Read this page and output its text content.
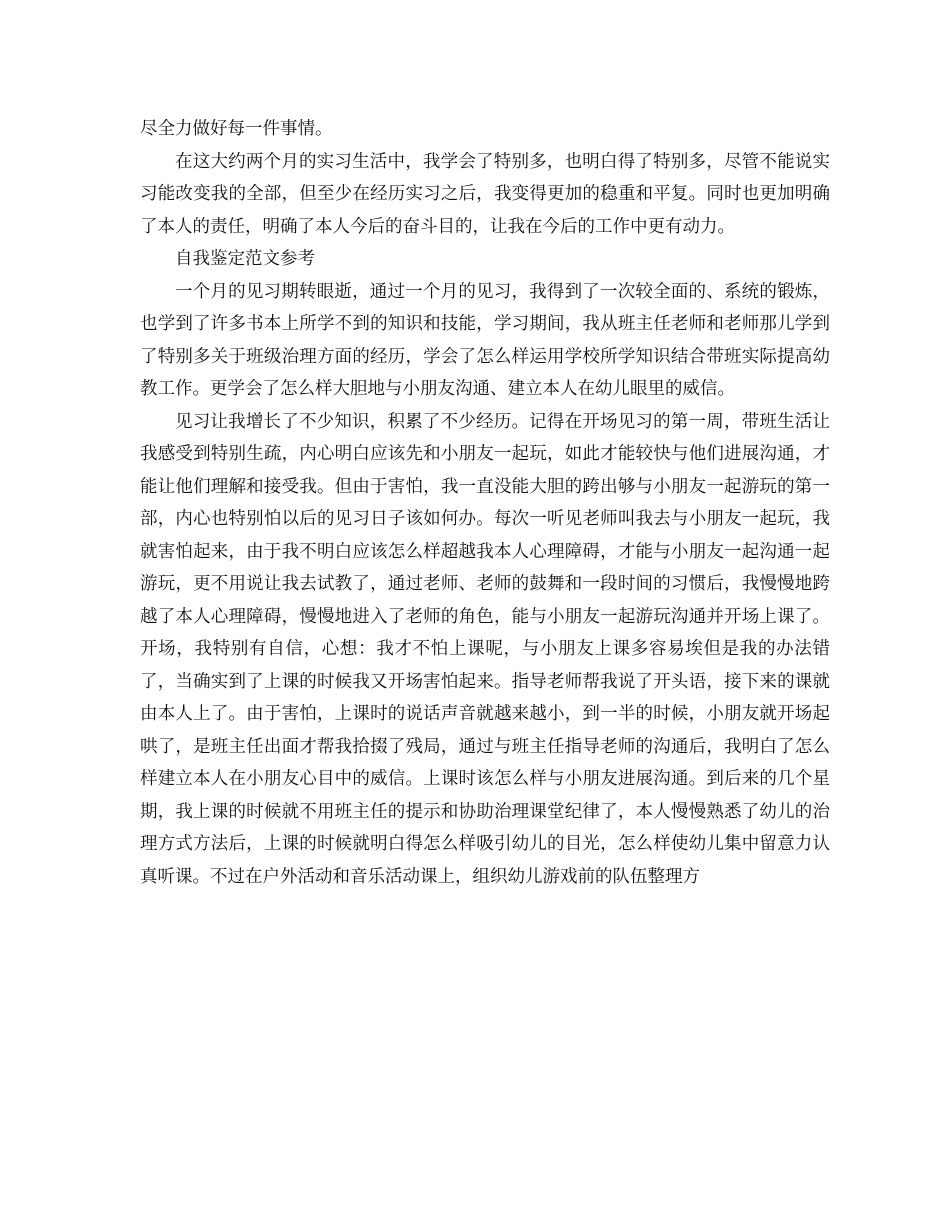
尽全力做好每一件事情。

在这大约两个月的实习生活中，我学会了特别多，也明白得了特别多，尽管不能说实习能改变我的全部，但至少在经历实习之后，我变得更加的稳重和平复。同时也更加明确了本人的责任，明确了本人今后的奋斗目的，让我在今后的工作中更有动力。

自我鉴定范文参考

一个月的见习期转眼逝，通过一个月的见习，我得到了一次较全面的、系统的锻炼，也学到了许多书本上所学不到的知识和技能，学习期间，我从班主任老师和老师那儿学到了特别多关于班级治理方面的经历，学会了怎么样运用学校所学知识结合带班实际提高幼教工作。更学会了怎么样大胆地与小朋友沟通、建立本人在幼儿眼里的威信。

见习让我增长了不少知识，积累了不少经历。记得在开场见习的第一周，带班生活让我感受到特别生疏，内心明白应该先和小朋友一起玩，如此才能较快与他们进展沟通，才能让他们理解和接受我。但由于害怕，我一直没能大胆的跨出够与小朋友一起游玩的第一部，内心也特别怕以后的见习日子该如何办。每次一听见老师叫我去与小朋友一起玩，我就害怕起来，由于我不明白应该怎么样超越我本人心理障碍，才能与小朋友一起沟通一起游玩，更不用说让我去试教了，通过老师、老师的鼓舞和一段时间的习惯后，我慢慢地跨越了本人心理障碍，慢慢地进入了老师的角色，能与小朋友一起游玩沟通并开场上课了。开场，我特别有自信，心想：我才不怕上课呢，与小朋友上课多容易埃但是我的办法错了，当确实到了上课的时候我又开场害怕起来。指导老师帮我说了开头语，接下来的课就由本人上了。由于害怕，上课时的说话声音就越来越小，到一半的时候，小朋友就开场起哄了，是班主任出面才帮我拾掇了残局，通过与班主任指导老师的沟通后，我明白了怎么样建立本人在小朋友心目中的威信。上课时该怎么样与小朋友进展沟通。到后来的几个星期，我上课的时候就不用班主任的提示和协助治理课堂纪律了，本人慢慢熟悉了幼儿的治理方式方法后，上课的时候就明白得怎么样吸引幼儿的目光，怎么样使幼儿集中留意力认真听课。不过在户外活动和音乐活动课上，组织幼儿游戏前的队伍整理方
